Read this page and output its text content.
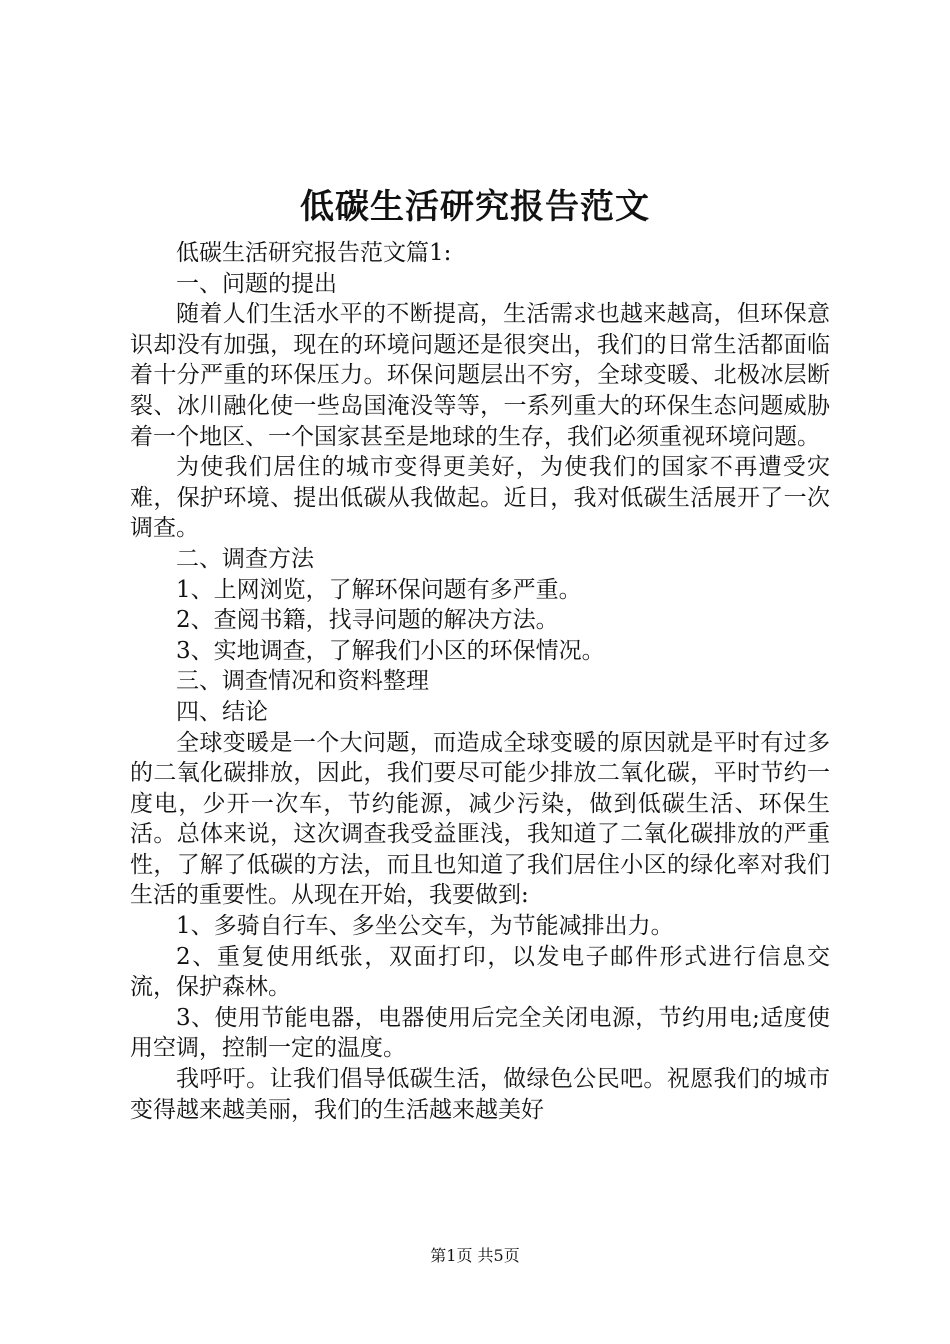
低碳生活研究报告范文

低碳生活研究报告范文篇1:

一、问题的提出

随着人们生活水平的不断提高，生活需求也越来越高，但环保意识却没有加强，现在的环境问题还是很突出，我们的日常生活都面临着十分严重的环保压力。环保问题层出不穷，全球变暖、北极冰层断裂、冰川融化使一些岛国淹没等等，一系列重大的环保生态问题威胁着一个地区、一个国家甚至是地球的生存，我们必须重视环境问题。

为使我们居住的城市变得更美好，为使我们的国家不再遭受灾难，保护环境、提出低碳从我做起。近日，我对低碳生活展开了一次调查。

二、调查方法

1、上网浏览，了解环保问题有多严重。

2、查阅书籍，找寻问题的解决方法。

3、实地调查，了解我们小区的环保情况。

三、调查情况和资料整理

四、结论

全球变暖是一个大问题，而造成全球变暖的原因就是平时有过多的二氧化碳排放，因此，我们要尽可能少排放二氧化碳，平时节约一度电，少开一次车，节约能源，减少污染，做到低碳生活、环保生活。总体来说，这次调查我受益匪浅，我知道了二氧化碳排放的严重性，了解了低碳的方法，而且也知道了我们居住小区的绿化率对我们生活的重要性。从现在开始，我要做到:

1、多骑自行车、多坐公交车，为节能减排出力。

2、重复使用纸张，双面打印，以发电子邮件形式进行信息交流，保护森林。

3、使用节能电器，电器使用后完全关闭电源，节约用电;适度使用空调，控制一定的温度。

我呼吁。让我们倡导低碳生活，做绿色公民吧。祝愿我们的城市变得越来越美丽，我们的生活越来越美好

第1页 共5页
